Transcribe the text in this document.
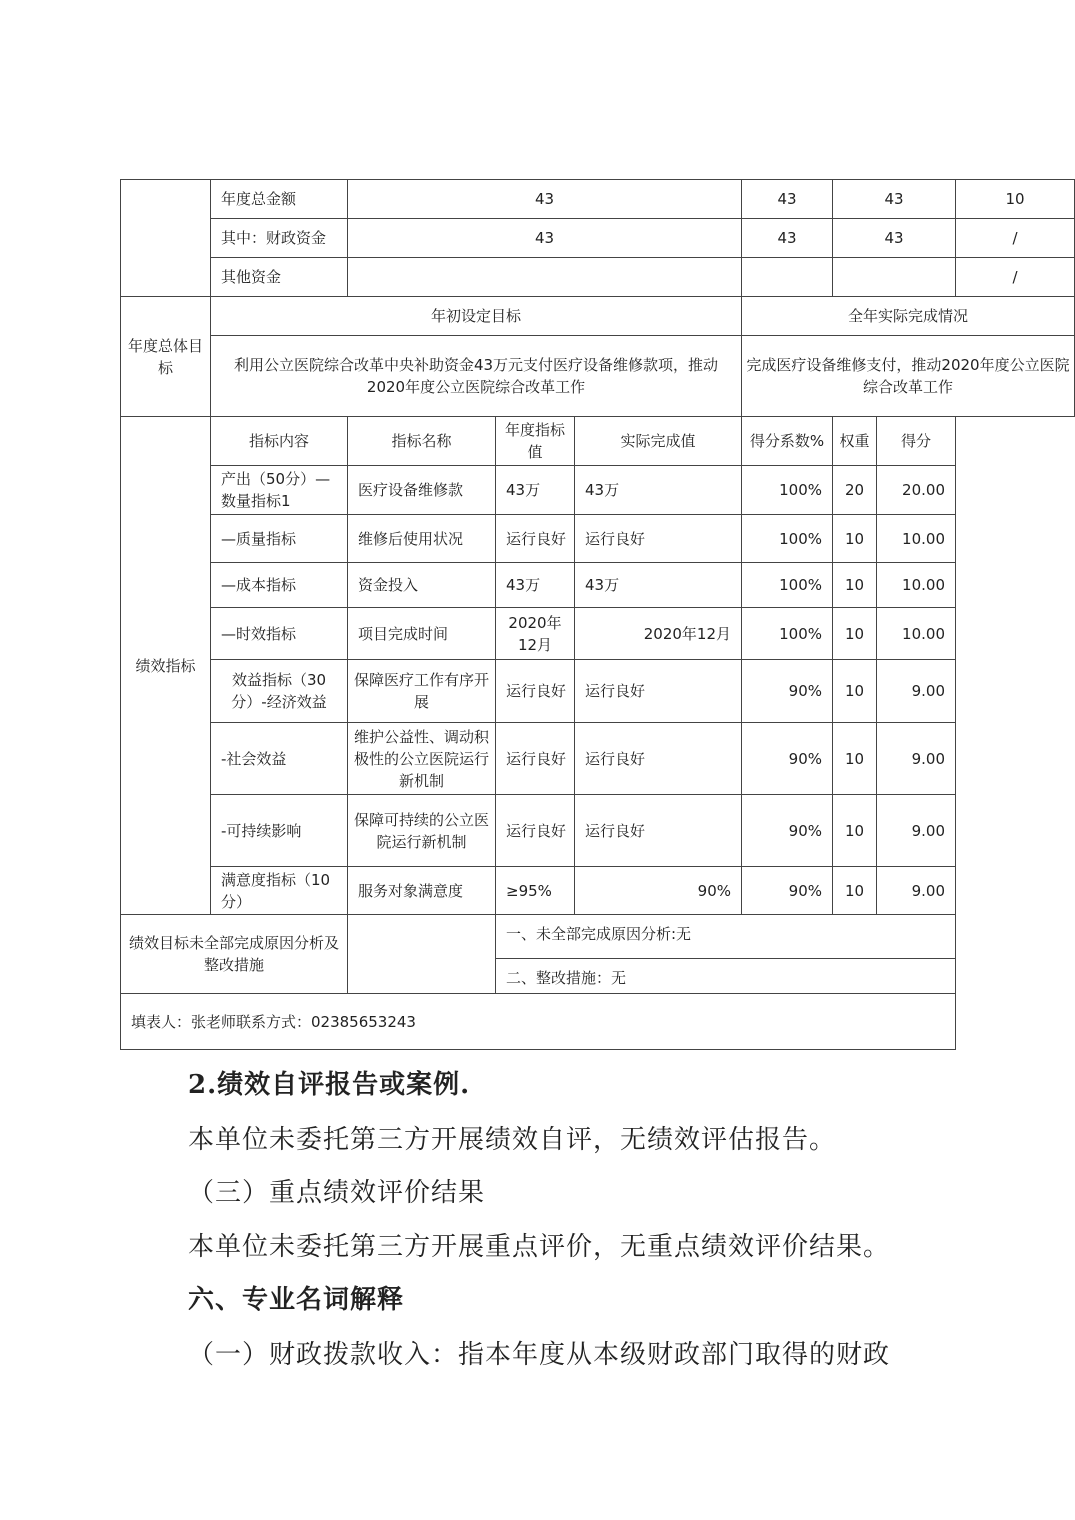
	年度总金额	43			43	43		10
	其中：财政资金	43			43	43		/
	其他资金							/
年度总体目标	年初设定目标				全年实际完成情况			
	利用公立医院综合改革中央补助资金43万元支付医疗设备维修款项，推动2020年度公立医院综合改革工作				完成医疗设备维修支付，推动2020年度公立医院综合改革工作			
绩效指标	指标内容	指标名称	年度指标值	实际完成值	得分系数%	权重	得分	
	产出（50分）—数量指标1	医疗设备维修款	43万	43万	100%	20	20.00	
	—质量指标	维修后使用状况	运行良好	运行良好	100%	10	10.00	
	—成本指标	资金投入	43万	43万	100%	10	10.00	
	—时效指标	项目完成时间	2020年12月	2020年12月	100%	10	10.00	
	效益指标（30分）-经济效益	保障医疗工作有序开展	运行良好	运行良好	90%	10	9.00	
	-社会效益	维护公益性、调动积极性的公立医院运行新机制	运行良好	运行良好	90%	10	9.00	
	-可持续影响	保障可持续的公立医院运行新机制	运行良好	运行良好	90%	10	9.00	
	满意度指标（10分）	服务对象满意度	≥95%	90%	90%	10	9.00	
绩效目标未全部完成原因分析及整改措施			一、未全部完成原因分析:无					
			二、整改措施：无					
填表人：张老师联系方式：02385653243								
2.绩效自评报告或案例.
本单位未委托第三方开展绩效自评，无绩效评估报告。
（三）重点绩效评价结果
本单位未委托第三方开展重点评价，无重点绩效评价结果。
六、专业名词解释
（一）财政拨款收入：指本年度从本级财政部门取得的财政
